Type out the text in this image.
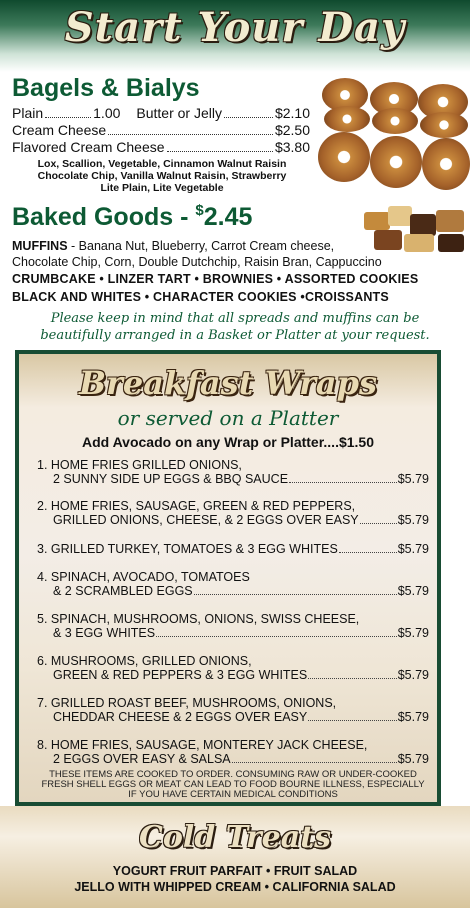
Start Your Day
Bagels & Bialys
Plain	1.00 Butter or Jelly	$2.10
Cream Cheese	$2.50
Flavored Cream Cheese	$3.80
Lox, Scallion, Vegetable, Cinnamon Walnut Raisin
Chocolate Chip, Vanilla Walnut Raisin, Strawberry
Lite Plain, Lite Vegetable
Baked Goods - $2.45
MUFFINS - Banana Nut, Blueberry, Carrot Cream cheese,
Chocolate Chip, Corn, Double Dutchchip, Raisin Bran, Cappuccino
CRUMBCAKE • LINZER TART • BROWNIES • ASSORTED COOKIES
BLACK AND WHITES • CHARACTER COOKIES •CROISSANTS
Please keep in mind that all spreads and muffins can be
beautifully arranged in a Basket or Platter at your request.
Breakfast Wraps
or served on a Platter
Add Avocado on any Wrap or Platter....$1.50
1. HOME FRIES GRILLED ONIONS,
2 SUNNY SIDE UP EGGS & BBQ SAUCE	$5.79
2. HOME FRIES, SAUSAGE, GREEN & RED PEPPERS,
GRILLED ONIONS, CHEESE, & 2 EGGS OVER EASY	$5.79
3. GRILLED TURKEY, TOMATOES & 3 EGG WHITES	$5.79
4. SPINACH, AVOCADO, TOMATOES
& 2 SCRAMBLED EGGS	$5.79
5. SPINACH, MUSHROOMS, ONIONS, SWISS CHEESE,
& 3 EGG WHITES	$5.79
6. MUSHROOMS, GRILLED ONIONS,
GREEN & RED PEPPERS & 3 EGG WHITES	$5.79
7. GRILLED ROAST BEEF, MUSHROOMS, ONIONS,
CHEDDAR CHEESE & 2 EGGS OVER EASY	$5.79
8. HOME FRIES, SAUSAGE, MONTEREY JACK CHEESE,
2 EGGS OVER EASY & SALSA	$5.79
THESE ITEMS ARE COOKED TO ORDER. CONSUMING RAW OR UNDER-COOKED FRESH SHELL EGGS OR MEAT CAN LEAD TO FOOD BOURNE ILLNESS, ESPECIALLY IF YOU HAVE CERTAIN MEDICAL CONDITIONS
Cold Treats
YOGURT FRUIT PARFAIT • FRUIT SALAD
JELLO WITH WHIPPED CREAM • CALIFORNIA SALAD
